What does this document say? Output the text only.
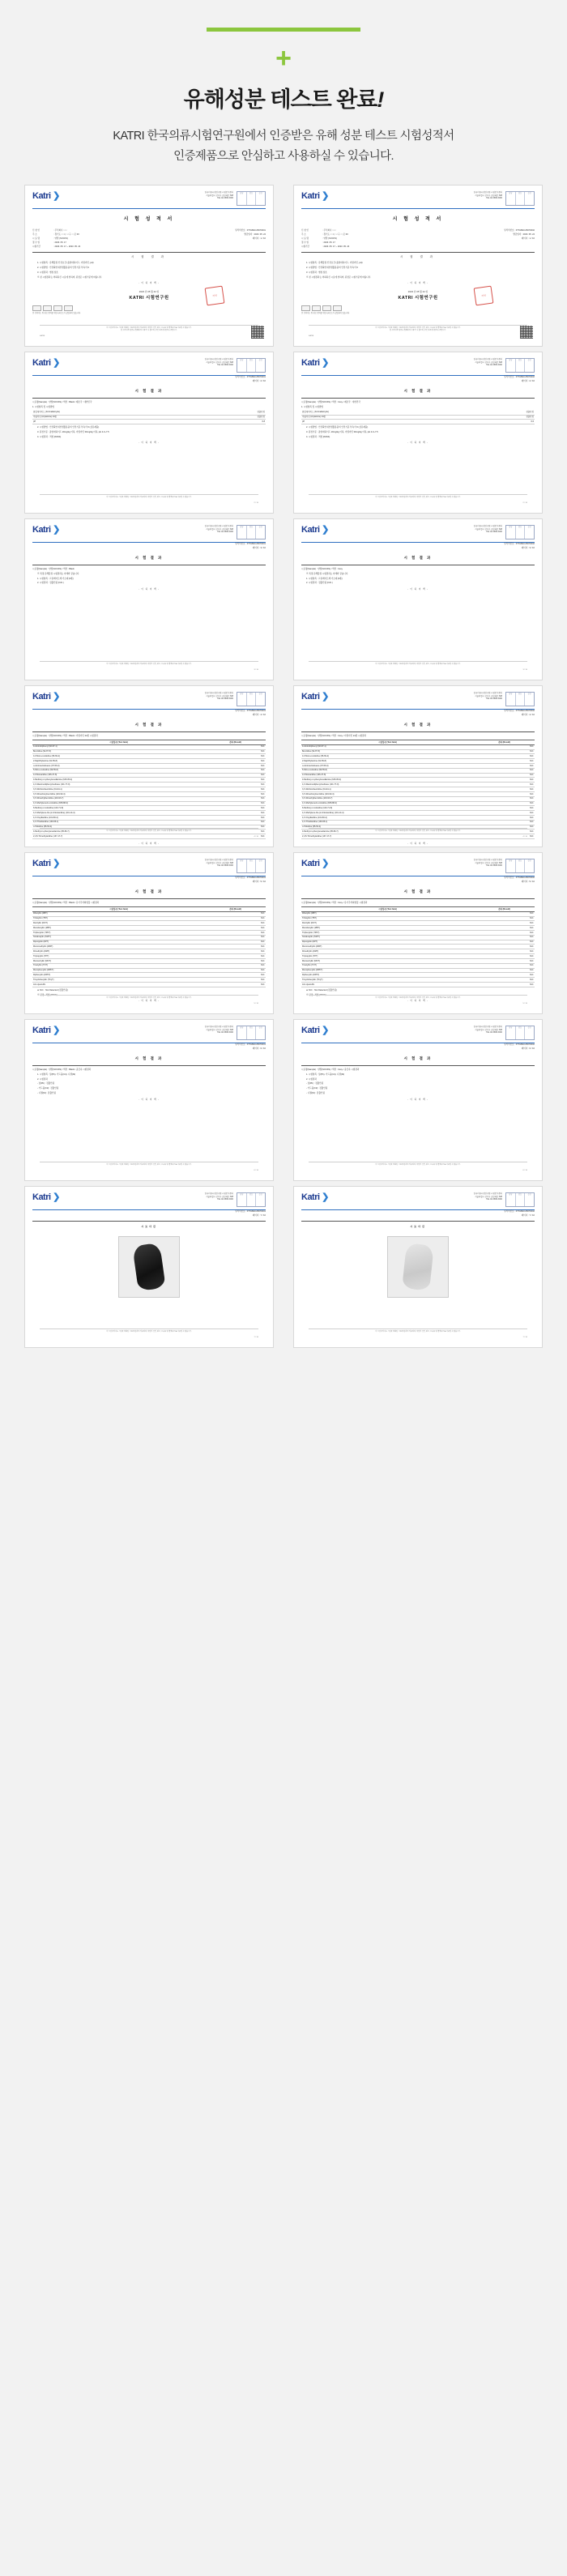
+
유해성분 테스트 완료!
KATRI 한국의류시험연구원에서 인증받은 유해 성분 테스트 시험성적서
인증제품으로 안심하고 사용하실 수 있습니다.
Katri ❯	한국의류시험연구원 시험분석센터
서울특별시 강서구 공항대로 608
TEL 02-3668-3000
담당	검토	승인
시 험 성 적 서
신 청 인	: 주식회사 ○○○
주 소	: 경기도 ○○시 ○○구 ○○로 00
시 료 명	: 양말 (SOCKS)
접 수 일	: 2023. 05. 17
시험기간	: 2023. 05. 17 ~ 2023. 05. 24
성적서번호 : FTTAB23-05070001
발급일자 : 2023. 05. 24
페이지 : 1 / 10
시 험 결 과
1. 시험항목 : 유해물질 안전요건 (폼알데하이드, 아릴아민, pH)
2. 시험방법 : 안전확인대상생활용품의 안전기준 부속서 6
3. 시험결과 : 별첨 참조
※ 본 시험결과는 의뢰하신 시료에 한하며, 판정은 시험기준에 따릅니다.
- 이 하 여 백 -
2023 년 05 월 24 일
KATRI 시험연구원
직인
본 성적서는 위·변조 방지를 위한 QR코드가 삽입되어 있습니다.
이 시험성적서는 시험을 의뢰한 시료에 한하여 적용되며, 상업적 선전, 광고, 소송용 및 면책용으로 사용될 수 없습니다.
본 성적서의 일부를 발췌하여 사용할 수 없으며, 무단 복제 및 변조를 금합니다.
1 / 10
KATRI
Katri ❯	한국의류시험연구원 시험분석센터
서울특별시 강서구 공항대로 608
TEL 02-3668-3000
담당	검토	승인
시 험 성 적 서
신 청 인	: 주식회사 ○○○
주 소	: 경기도 ○○시 ○○구 ○○로 00
시 료 명	: 양말 (SOCKS)
접 수 일	: 2023. 05. 17
시험기간	: 2023. 05. 17 ~ 2023. 05. 24
성적서번호 : FTTAB23-05070002
발급일자 : 2023. 05. 24
페이지 : 1 / 10
시 험 결 과
1. 시험항목 : 유해물질 안전요건 (폼알데하이드, 아릴아민, pH)
2. 시험방법 : 안전확인대상생활용품의 안전기준 부속서 6
3. 시험결과 : 별첨 참조
※ 본 시험결과는 의뢰하신 시료에 한하며, 판정은 시험기준에 따릅니다.
- 이 하 여 백 -
2023 년 05 월 24 일
KATRI 시험연구원
직인
본 성적서는 위·변조 방지를 위한 QR코드가 삽입되어 있습니다.
이 시험성적서는 시험을 의뢰한 시료에 한하여 적용되며, 상업적 선전, 광고, 소송용 및 면책용으로 사용될 수 없습니다.
본 성적서의 일부를 발췌하여 사용할 수 없으며, 무단 복제 및 변조를 금합니다.
1 / 10
KATRI
Katri ❯	한국의류시험연구원 시험분석센터
서울특별시 강서구 공항대로 608
TEL 02-3668-3000
담당	검토	승인
성적서번호 : FTTAB23-05070001
페이지 : 2 / 10
시 험 결 과
시료명(Sample) : 양말(SOCKS) / 색상 : Black / 제조국 : 대한민국
1. 시험항목 및 시험방법
폼알데하이드 (Formaldehyde)	검출안됨
아릴아민 (Arylamine) 24종	검출안됨
pH	6.8
2. 시험방법 : 안전확인대상생활용품의 안전기준 부속서 6 (섬유제품)
3. 판정기준 : 폼알데하이드 20mg/kg 이하, 아릴아민 30mg/kg 이하, pH 4.0~7.5
4. 시험결과 : 적합 (PASS)
- 이 하 여 백 -
이 시험성적서는 시험을 의뢰한 시료에 한하여 적용되며, 상업적 선전, 광고, 소송용 및 면책용으로 사용될 수 없습니다.
2 / 10
Katri ❯	한국의류시험연구원 시험분석센터
서울특별시 강서구 공항대로 608
TEL 02-3668-3000
담당	검토	승인
성적서번호 : FTTAB23-05070002
페이지 : 2 / 10
시 험 결 과
시료명(Sample) : 양말(SOCKS) / 색상 : Grey / 제조국 : 대한민국
1. 시험항목 및 시험방법
폼알데하이드 (Formaldehyde)	검출안됨
아릴아민 (Arylamine) 24종	검출안됨
pH	6.6
2. 시험방법 : 안전확인대상생활용품의 안전기준 부속서 6 (섬유제품)
3. 판정기준 : 폼알데하이드 20mg/kg 이하, 아릴아민 30mg/kg 이하, pH 4.0~7.5
4. 시험결과 : 적합 (PASS)
- 이 하 여 백 -
이 시험성적서는 시험을 의뢰한 시료에 한하여 적용되며, 상업적 선전, 광고, 소송용 및 면책용으로 사용될 수 없습니다.
2 / 10
Katri ❯	한국의류시험연구원 시험분석센터
서울특별시 강서구 공항대로 608
TEL 02-3668-3000
담당	검토	승인
성적서번호 : FTTAB23-05070001
페이지 : 3 / 10
시 험 결 과
시료명(Sample) : 양말(SOCKS) / 색상 : Black
※ 특정 유해물질 시험결과는 아래와 같습니다.
1. 시험항목 : 프탈레이트계 가소제 (6종)
2. 시험결과 : 검출안됨 (N.D.)
- 이 하 여 백 -
이 시험성적서는 시험을 의뢰한 시료에 한하여 적용되며, 상업적 선전, 광고, 소송용 및 면책용으로 사용될 수 없습니다.
3 / 10
Katri ❯	한국의류시험연구원 시험분석센터
서울특별시 강서구 공항대로 608
TEL 02-3668-3000
담당	검토	승인
성적서번호 : FTTAB23-05070002
페이지 : 3 / 10
시 험 결 과
시료명(Sample) : 양말(SOCKS) / 색상 : Grey
※ 특정 유해물질 시험결과는 아래와 같습니다.
1. 시험항목 : 프탈레이트계 가소제 (6종)
2. 시험결과 : 검출안됨 (N.D.)
- 이 하 여 백 -
이 시험성적서는 시험을 의뢰한 시료에 한하여 적용되며, 상업적 선전, 광고, 소송용 및 면책용으로 사용될 수 없습니다.
3 / 10
Katri ❯	한국의류시험연구원 시험분석센터
서울특별시 강서구 공항대로 608
TEL 02-3668-3000
담당	검토	승인
성적서번호 : FTTAB23-05070001
페이지 : 4 / 10
시 험 결 과
시료명(Sample) : 양말(SOCKS) / 색상 : Black / 아릴아민 24종 시험결과
시험항목 (Test Item)	결과 (Result)
4-Aminobiphenyl (92-67-1)	N.D.
Benzidine (92-87-5)	N.D.
4-Chloro-o-toluidine (95-69-2)	N.D.
2-Naphthylamine (91-59-8)	N.D.
o-Aminoazotoluene (97-56-3)	N.D.
5-Nitro-o-toluidine (99-55-8)	N.D.
4-Chloroaniline (106-47-8)	N.D.
4-Methoxy-m-phenylenediamine (615-05-4)	N.D.
4,4'-Diaminodiphenylmethane (101-77-9)	N.D.
3,3'-Dichlorobenzidine (91-94-1)	N.D.
3,3'-Dimethoxybenzidine (119-90-4)	N.D.
3,3'-Dimethylbenzidine (119-93-7)	N.D.
4,4'-Methylenedi-o-toluidine (838-88-0)	N.D.
6-Methoxy-m-toluidine (120-71-8)	N.D.
4,4'-Methylene-bis-(2-chloroaniline) (101-14-4)	N.D.
4,4'-Oxydianiline (101-80-4)	N.D.
4,4'-Thiodianiline (139-65-1)	N.D.
o-Toluidine (95-53-4)	N.D.
4-Methyl-m-phenylenediamine (95-80-7)	N.D.
2,4,5-Trimethylaniline (137-17-7)	N.D.
- 이 하 여 백 -
이 시험성적서는 시험을 의뢰한 시료에 한하여 적용되며, 상업적 선전, 광고, 소송용 및 면책용으로 사용될 수 없습니다.
4 / 10
Katri ❯	한국의류시험연구원 시험분석센터
서울특별시 강서구 공항대로 608
TEL 02-3668-3000
담당	검토	승인
성적서번호 : FTTAB23-05070002
페이지 : 4 / 10
시 험 결 과
시료명(Sample) : 양말(SOCKS) / 색상 : Grey / 아릴아민 24종 시험결과
시험항목 (Test Item)	결과 (Result)
4-Aminobiphenyl (92-67-1)	N.D.
Benzidine (92-87-5)	N.D.
4-Chloro-o-toluidine (95-69-2)	N.D.
2-Naphthylamine (91-59-8)	N.D.
o-Aminoazotoluene (97-56-3)	N.D.
5-Nitro-o-toluidine (99-55-8)	N.D.
4-Chloroaniline (106-47-8)	N.D.
4-Methoxy-m-phenylenediamine (615-05-4)	N.D.
4,4'-Diaminodiphenylmethane (101-77-9)	N.D.
3,3'-Dichlorobenzidine (91-94-1)	N.D.
3,3'-Dimethoxybenzidine (119-90-4)	N.D.
3,3'-Dimethylbenzidine (119-93-7)	N.D.
4,4'-Methylenedi-o-toluidine (838-88-0)	N.D.
6-Methoxy-m-toluidine (120-71-8)	N.D.
4,4'-Methylene-bis-(2-chloroaniline) (101-14-4)	N.D.
4,4'-Oxydianiline (101-80-4)	N.D.
4,4'-Thiodianiline (139-65-1)	N.D.
o-Toluidine (95-53-4)	N.D.
4-Methyl-m-phenylenediamine (95-80-7)	N.D.
2,4,5-Trimethylaniline (137-17-7)	N.D.
- 이 하 여 백 -
이 시험성적서는 시험을 의뢰한 시료에 한하여 적용되며, 상업적 선전, 광고, 소송용 및 면책용으로 사용될 수 없습니다.
4 / 10
Katri ❯	한국의류시험연구원 시험분석센터
서울특별시 강서구 공항대로 608
TEL 02-3668-3000
담당	검토	승인
성적서번호 : FTTAB23-05070001
페이지 : 5 / 10
시 험 결 과
시료명(Sample) : 양말(SOCKS) / 색상 : Black / 유기주석화합물 시험결과
시험항목 (Test Item)	결과 (Result)
Dibutyltin (DBT)	N.D.
Tributyltin (TBT)	N.D.
Dioctyltin (DOT)	N.D.
Monobutyltin (MBT)	N.D.
Triphenyltin (TPhT)	N.D.
Tetrabutyltin (TeBT)	N.D.
Dipropyltin (DPT)	N.D.
Monomethyltin (MMT)	N.D.
Dimethyltin (DMT)	N.D.
Tripropyltin (TPT)	N.D.
Monooctyltin (MOT)	N.D.
Trioctyltin (TOT)	N.D.
Monophenyltin (MPhT)	N.D.
Diphenyltin (DPhT)	N.D.
Tricyclohexyltin (TCyT)	N.D.
Azo dyestuffs	N.D.
※ N.D. : Not Detected (검출안됨)
※ 판정 : 적합 (PASS)
- 이 하 여 백 -
이 시험성적서는 시험을 의뢰한 시료에 한하여 적용되며, 상업적 선전, 광고, 소송용 및 면책용으로 사용될 수 없습니다.
5 / 10
Katri ❯	한국의류시험연구원 시험분석센터
서울특별시 강서구 공항대로 608
TEL 02-3668-3000
담당	검토	승인
성적서번호 : FTTAB23-05070002
페이지 : 5 / 10
시 험 결 과
시료명(Sample) : 양말(SOCKS) / 색상 : Grey / 유기주석화합물 시험결과
시험항목 (Test Item)	결과 (Result)
Dibutyltin (DBT)	N.D.
Tributyltin (TBT)	N.D.
Dioctyltin (DOT)	N.D.
Monobutyltin (MBT)	N.D.
Triphenyltin (TPhT)	N.D.
Tetrabutyltin (TeBT)	N.D.
Dipropyltin (DPT)	N.D.
Monomethyltin (MMT)	N.D.
Dimethyltin (DMT)	N.D.
Tripropyltin (TPT)	N.D.
Monooctyltin (MOT)	N.D.
Trioctyltin (TOT)	N.D.
Monophenyltin (MPhT)	N.D.
Diphenyltin (DPhT)	N.D.
Tricyclohexyltin (TCyT)	N.D.
Azo dyestuffs	N.D.
※ N.D. : Not Detected (검출안됨)
※ 판정 : 적합 (PASS)
- 이 하 여 백 -
이 시험성적서는 시험을 의뢰한 시료에 한하여 적용되며, 상업적 선전, 광고, 소송용 및 면책용으로 사용될 수 없습니다.
5 / 10
Katri ❯	한국의류시험연구원 시험분석센터
서울특별시 강서구 공항대로 608
TEL 02-3668-3000
담당	검토	승인
성적서번호 : FTTAB23-05070001
페이지 : 6 / 10
시 험 결 과
시료명(Sample) : 양말(SOCKS) / 색상 : Black / 중금속 시험결과
1. 시험항목 : 납(Pb), 카드뮴(Cd), 니켈(Ni)
2. 시험결과
- 납(Pb) : 검출안됨
- 카드뮴(Cd) : 검출안됨
- 니켈(Ni) : 검출안됨
- 이 하 여 백 -
이 시험성적서는 시험을 의뢰한 시료에 한하여 적용되며, 상업적 선전, 광고, 소송용 및 면책용으로 사용될 수 없습니다.
6 / 10
Katri ❯	한국의류시험연구원 시험분석센터
서울특별시 강서구 공항대로 608
TEL 02-3668-3000
담당	검토	승인
성적서번호 : FTTAB23-05070002
페이지 : 6 / 10
시 험 결 과
시료명(Sample) : 양말(SOCKS) / 색상 : Grey / 중금속 시험결과
1. 시험항목 : 납(Pb), 카드뮴(Cd), 니켈(Ni)
2. 시험결과
- 납(Pb) : 검출안됨
- 카드뮴(Cd) : 검출안됨
- 니켈(Ni) : 검출안됨
- 이 하 여 백 -
이 시험성적서는 시험을 의뢰한 시료에 한하여 적용되며, 상업적 선전, 광고, 소송용 및 면책용으로 사용될 수 없습니다.
6 / 10
Katri ❯	한국의류시험연구원 시험분석센터
서울특별시 강서구 공항대로 608
TEL 02-3668-3000
담당	검토	승인
성적서번호 : FTTAB23-05070001
페이지 : 7 / 10
시료사진
이 시험성적서는 시험을 의뢰한 시료에 한하여 적용되며, 상업적 선전, 광고, 소송용 및 면책용으로 사용될 수 없습니다.
7 / 10
Katri ❯	한국의류시험연구원 시험분석센터
서울특별시 강서구 공항대로 608
TEL 02-3668-3000
담당	검토	승인
성적서번호 : FTTAB23-05070002
페이지 : 7 / 10
시료사진
이 시험성적서는 시험을 의뢰한 시료에 한하여 적용되며, 상업적 선전, 광고, 소송용 및 면책용으로 사용될 수 없습니다.
7 / 10
